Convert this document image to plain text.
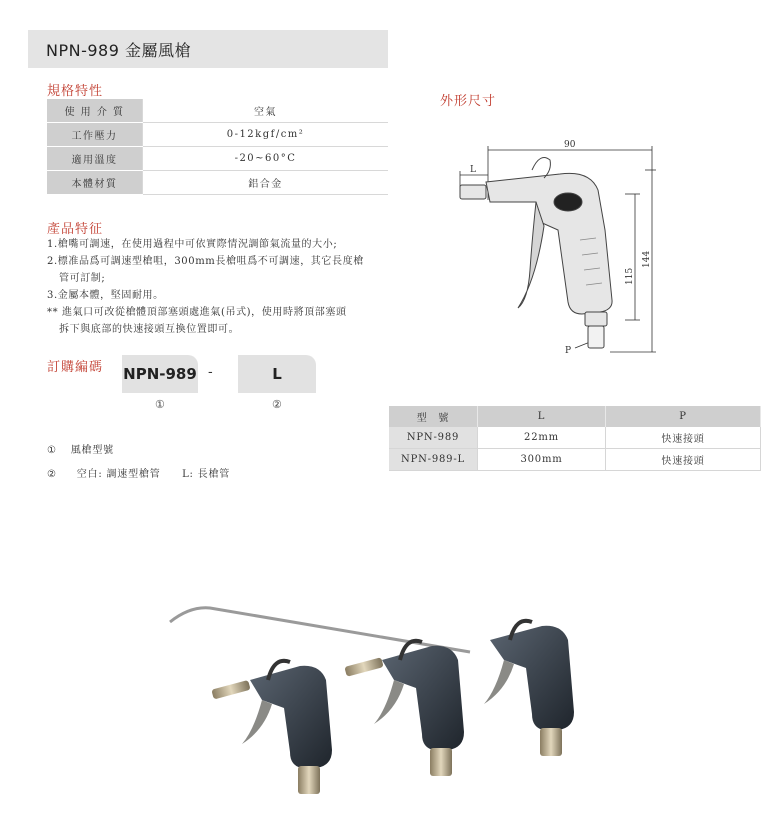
NPN-989 金屬風槍
規格特性
使 用 介 質	空氣
工作壓力	0-12kgf/cm²
適用溫度	-20~60°C
本體材質	鋁合金
產品特征

1.槍嘴可調速，在使用過程中可依實際情況調節氣流量的大小;

2.標准品爲可調速型槍咀，300mm長槍咀爲不可調速，其它長度槍

管可訂制;

3.金屬本體，堅固耐用。

** 進氣口可改從槍體頂部塞頭處進氣(吊式)，使用時將頂部塞頭

拆下與底部的快速接頭互換位置即可。

訂購編碼 NPN-989 -	L
①	②
① 風槍型號
② 空白: 調速型槍管　　L: 長槍管
外形尺寸
90
L
P
144
115
型　號	L	P
NPN-989	22mm	快速接頭
NPN-989-L	300mm	快速接頭
